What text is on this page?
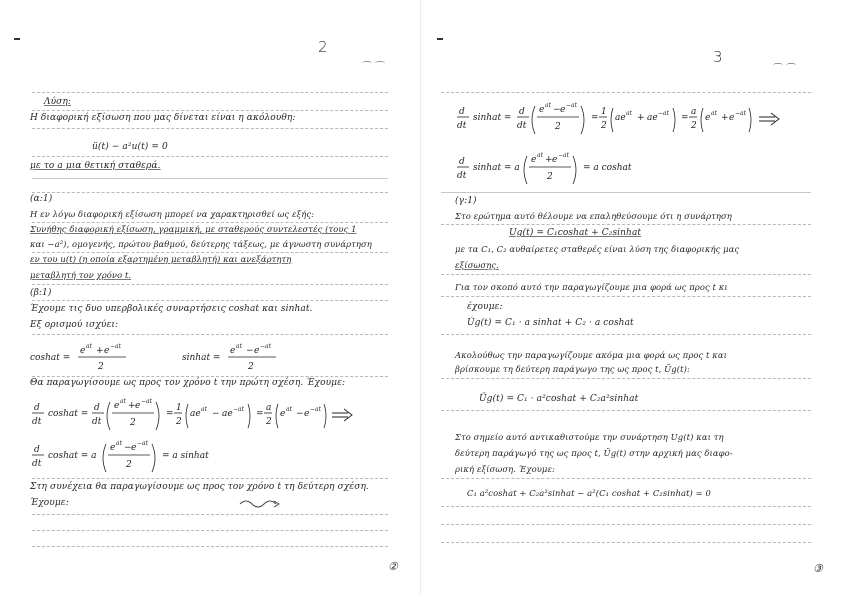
2
⌒ ⌒
Λύση:
Η διαφορική εξίσωση που μας δίνεται είναι η ακόλουθη:
ü(t) − a²u(t) = 0
με το a μια θετική σταθερά.
(α:1)
Η εν λόγω διαφορική εξίσωση μπορεί να χαρακτηρισθεί ως εξής:
Συνήθης διαφορική εξίσωση, γραμμική, με σταθερούς συντελεστές (τους 1
και −a²), ομογενής, πρώτου βαθμού, δεύτερης τάξεως, με άγνωστη συνάρτηση
εν του u(t) (η οποία εξαρτημένη μεταβλητή) και ανεξάρτητη
μεταβλητή τον χρόνο t.
(β:1)
Έχουμε τις δυο υπερβολικές συναρτήσεις coshat και sinhat.
Εξ ορισμού ισχύει:
coshat =
e at + e −at
2
sinhat =
e at − e −at
2
Θα παραγωγίσουμε ως προς τον χρόνο t την πρώτη σχέση. Έχουμε:
d
dt
coshat =
d
dt
e at + e −at
2
=
1
2
ae at − ae −at =
a
2
e at − e −at
d
dt
coshat = a
e at − e −at
2
= a sinhat
Στη συνέχεια θα παραγωγίσουμε ως προς τον χρόνο t τη δεύτερη σχέση.
Έχουμε:
②
3
⌒ ⌒
d
dt
sinhat =
d
dt
e at − e −at
2
=
1
2
ae at + ae −at =
a
2
e at + e −at
d
dt
sinhat = a
e at + e −at
2
= a coshat
(γ:1)
Στο ερώτημα αυτό θέλουμε να επαληθεύσουμε ότι η συνάρτηση
Ug(t) = C₁coshat + C₂sinhat
με τα C₁, C₂ αυθαίρετες σταθερές είναι λύση της διαφορικής μας
εξίσωσης.
Για τον σκοπό αυτό την παραγωγίζουμε μια φορά ως προς t κι
έχουμε:
U̇g(t) = C₁ · a sinhat + C₂ · a coshat
Ακολούθως την παραγωγίζουμε ακόμα μια φορά ως προς t και
βρίσκουμε τη δεύτερη παράγωγο της ως προς t, Üg(t):
Üg(t) = C₁ · a²coshat + C₂a²sinhat
Στο σημείο αυτό αντικαθιστούμε την συνάρτηση Ug(t) και τη
δεύτερη παράγωγό της ως προς t, Üg(t) στην αρχική μας διαφο-
ρική εξίσωση. Έχουμε:
C₁ a²coshat + C₂a²sinhat − a²(C₁ coshat + C₂sinhat) = 0
③
